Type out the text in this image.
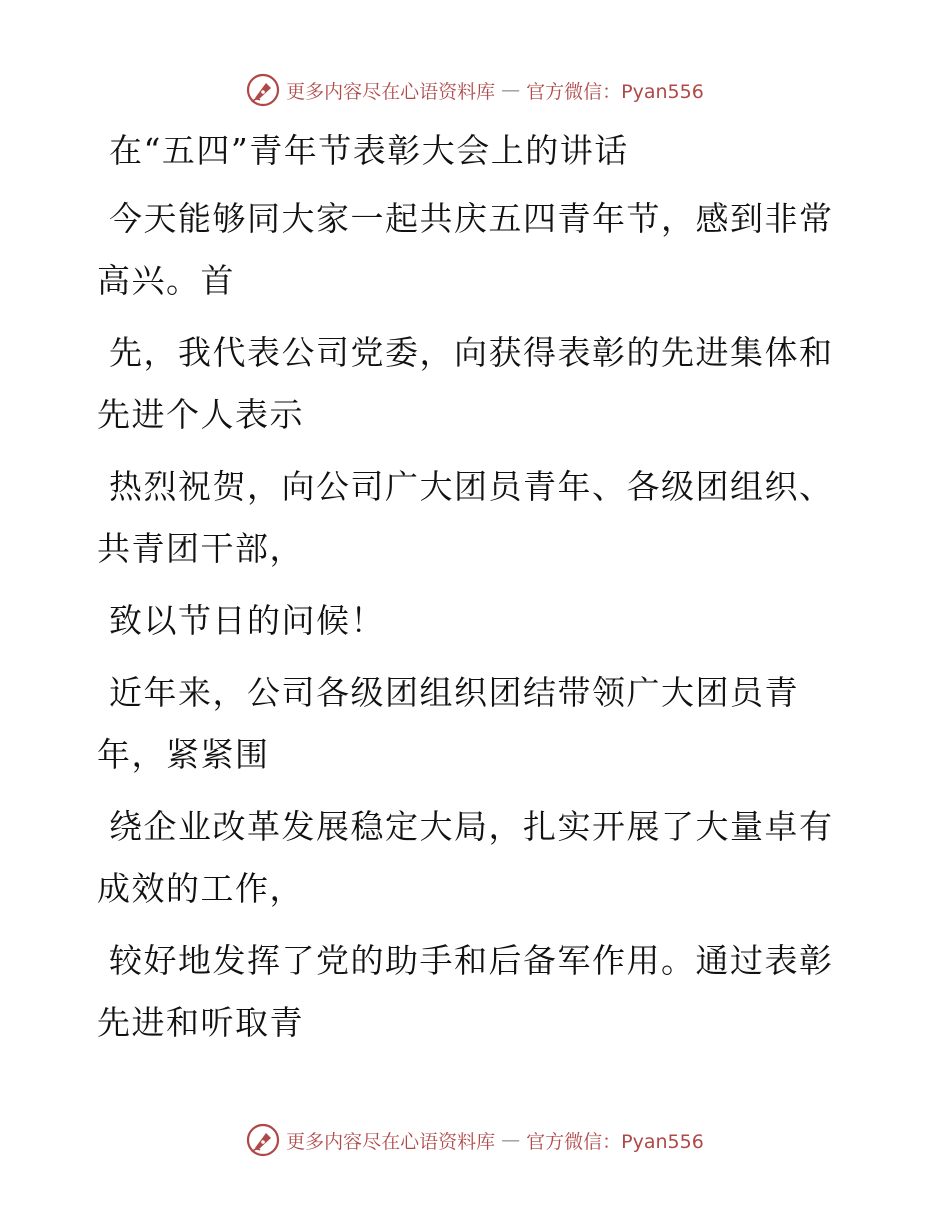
更多内容尽在心语资料库 — 官方微信：Pyan556

在“五四”青年节表彰大会上的讲话

今天能够同大家一起共庆五四青年节，感到非常高兴。首

先，我代表公司党委，向获得表彰的先进集体和先进个人表示

热烈祝贺，向公司广大团员青年、各级团组织、共青团干部，

致以节日的问候！

近年来，公司各级团组织团结带领广大团员青年，紧紧围

绕企业改革发展稳定大局，扎实开展了大量卓有成效的工作，

较好地发挥了党的助手和后备军作用。通过表彰先进和听取青

更多内容尽在心语资料库 — 官方微信：Pyan556
